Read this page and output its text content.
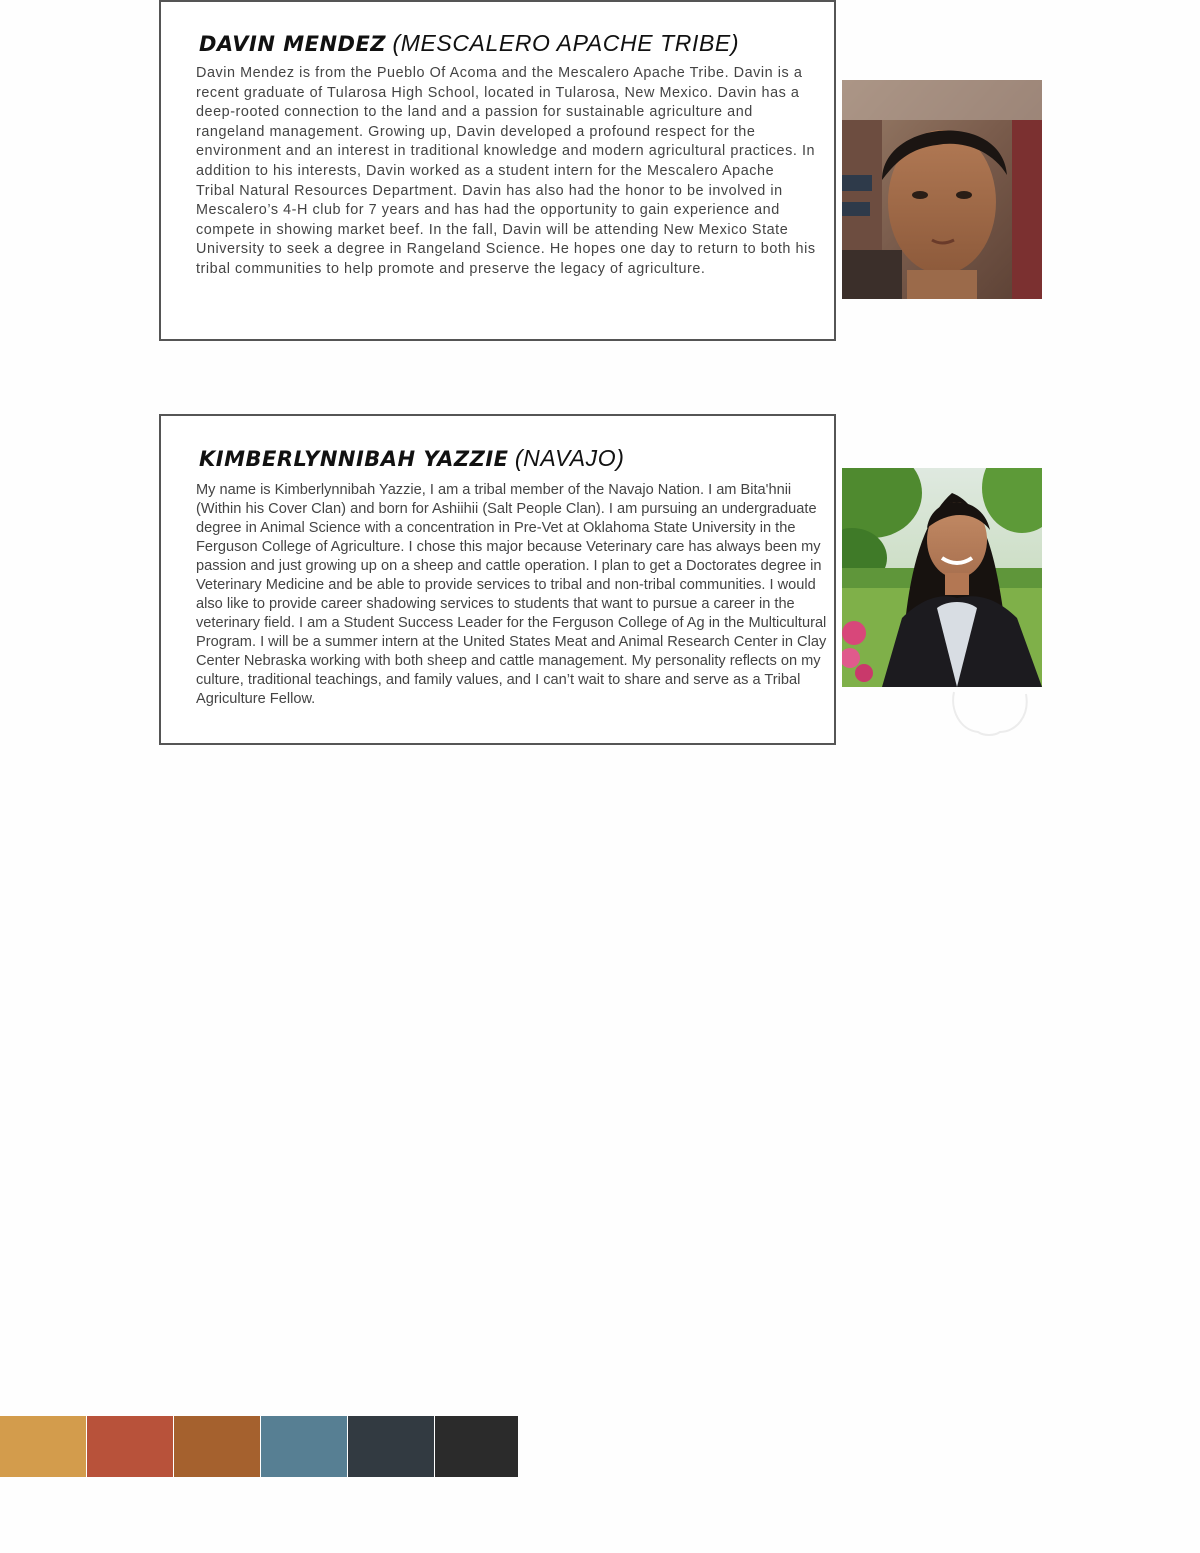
DAVIN MENDEZ (MESCALERO APACHE TRIBE)

Davin Mendez is from the Pueblo Of Acoma and the Mescalero Apache Tribe. Davin is a recent graduate of Tularosa High School, located in Tularosa, New Mexico. Davin has a deep-rooted connection to the land and a passion for sustainable agriculture and rangeland management. Growing up, Davin developed a profound respect for the environment and an interest in traditional knowledge and modern agricultural practices. In addition to his interests, Davin worked as a student intern for the Mescalero Apache Tribal Natural Resources Department. Davin has also had the honor to be involved in Mescalero’s 4-H club for 7 years and has had the opportunity to gain experience and compete in showing market beef. In the fall, Davin will be attending New Mexico State University to seek a degree in Rangeland Science. He hopes one day to return to both his tribal communities to help promote and preserve the legacy of agriculture.

KIMBERLYNNIBAH YAZZIE (NAVAJO)

My name is Kimberlynnibah Yazzie, I am a tribal member of the Navajo Nation. I am Bita'hnii (Within his Cover Clan) and born for Ashiihii (Salt People Clan). I am pursuing an undergraduate degree in Animal Science with a concentration in Pre-Vet at Oklahoma State University in the Ferguson College of Agriculture. I chose this major because Veterinary care has always been my passion and just growing up on a sheep and cattle operation. I plan to get a Doctorates degree in Veterinary Medicine and be able to provide services to tribal and non-tribal communities. I would also like to provide career shadowing services to students that want to pursue a career in the veterinary field. I am a Student Success Leader for the Ferguson College of Ag in the Multicultural Program. I will be a summer intern at the United States Meat and Animal Research Center in Clay Center Nebraska working with both sheep and cattle management. My personality reflects on my culture, traditional teachings, and family values, and I can’t wait to share and serve as a Tribal Agriculture Fellow.
